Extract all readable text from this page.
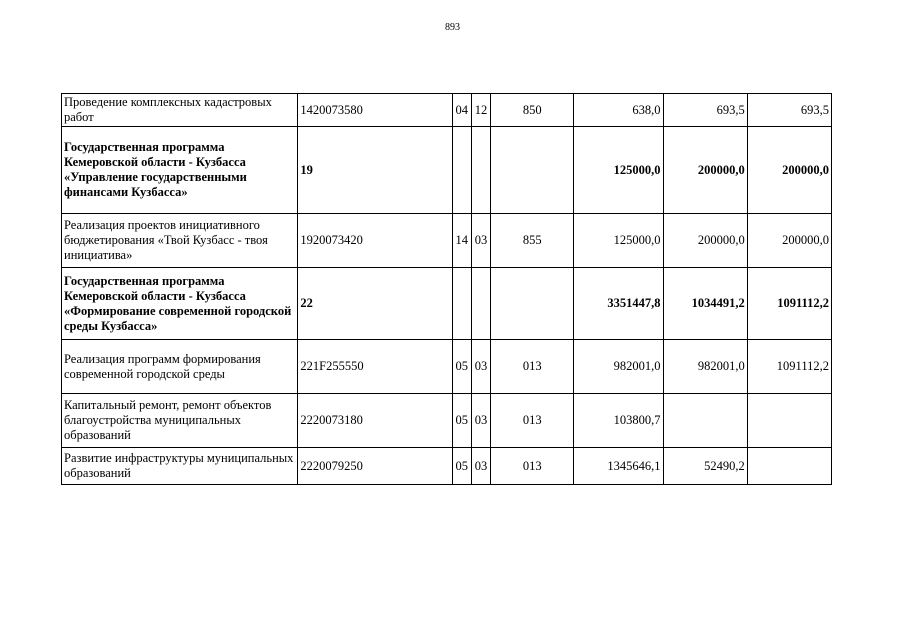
893
Проведение комплексных кадастровых работ	1420073580	04	12	850	638,0	693,5	693,5
Государственная программа Кемеровской области - Кузбасса «Управление государственными финансами Кузбасса»	19				125000,0	200000,0	200000,0
Реализация проектов инициативного бюджетирования «Твой Кузбасс - твоя инициатива»	1920073420	14	03	855	125000,0	200000,0	200000,0
Государственная программа Кемеровской области - Кузбасса «Формирование современной городской среды Кузбасса»	22				3351447,8	1034491,2	1091112,2
Реализация программ формирования современной городской среды	221F255550	05	03	013	982001,0	982001,0	1091112,2
Капитальный ремонт, ремонт объектов благоустройства муниципальных образований	2220073180	05	03	013	103800,7		
Развитие инфраструктуры муниципальных образований	2220079250	05	03	013	1345646,1	52490,2	
